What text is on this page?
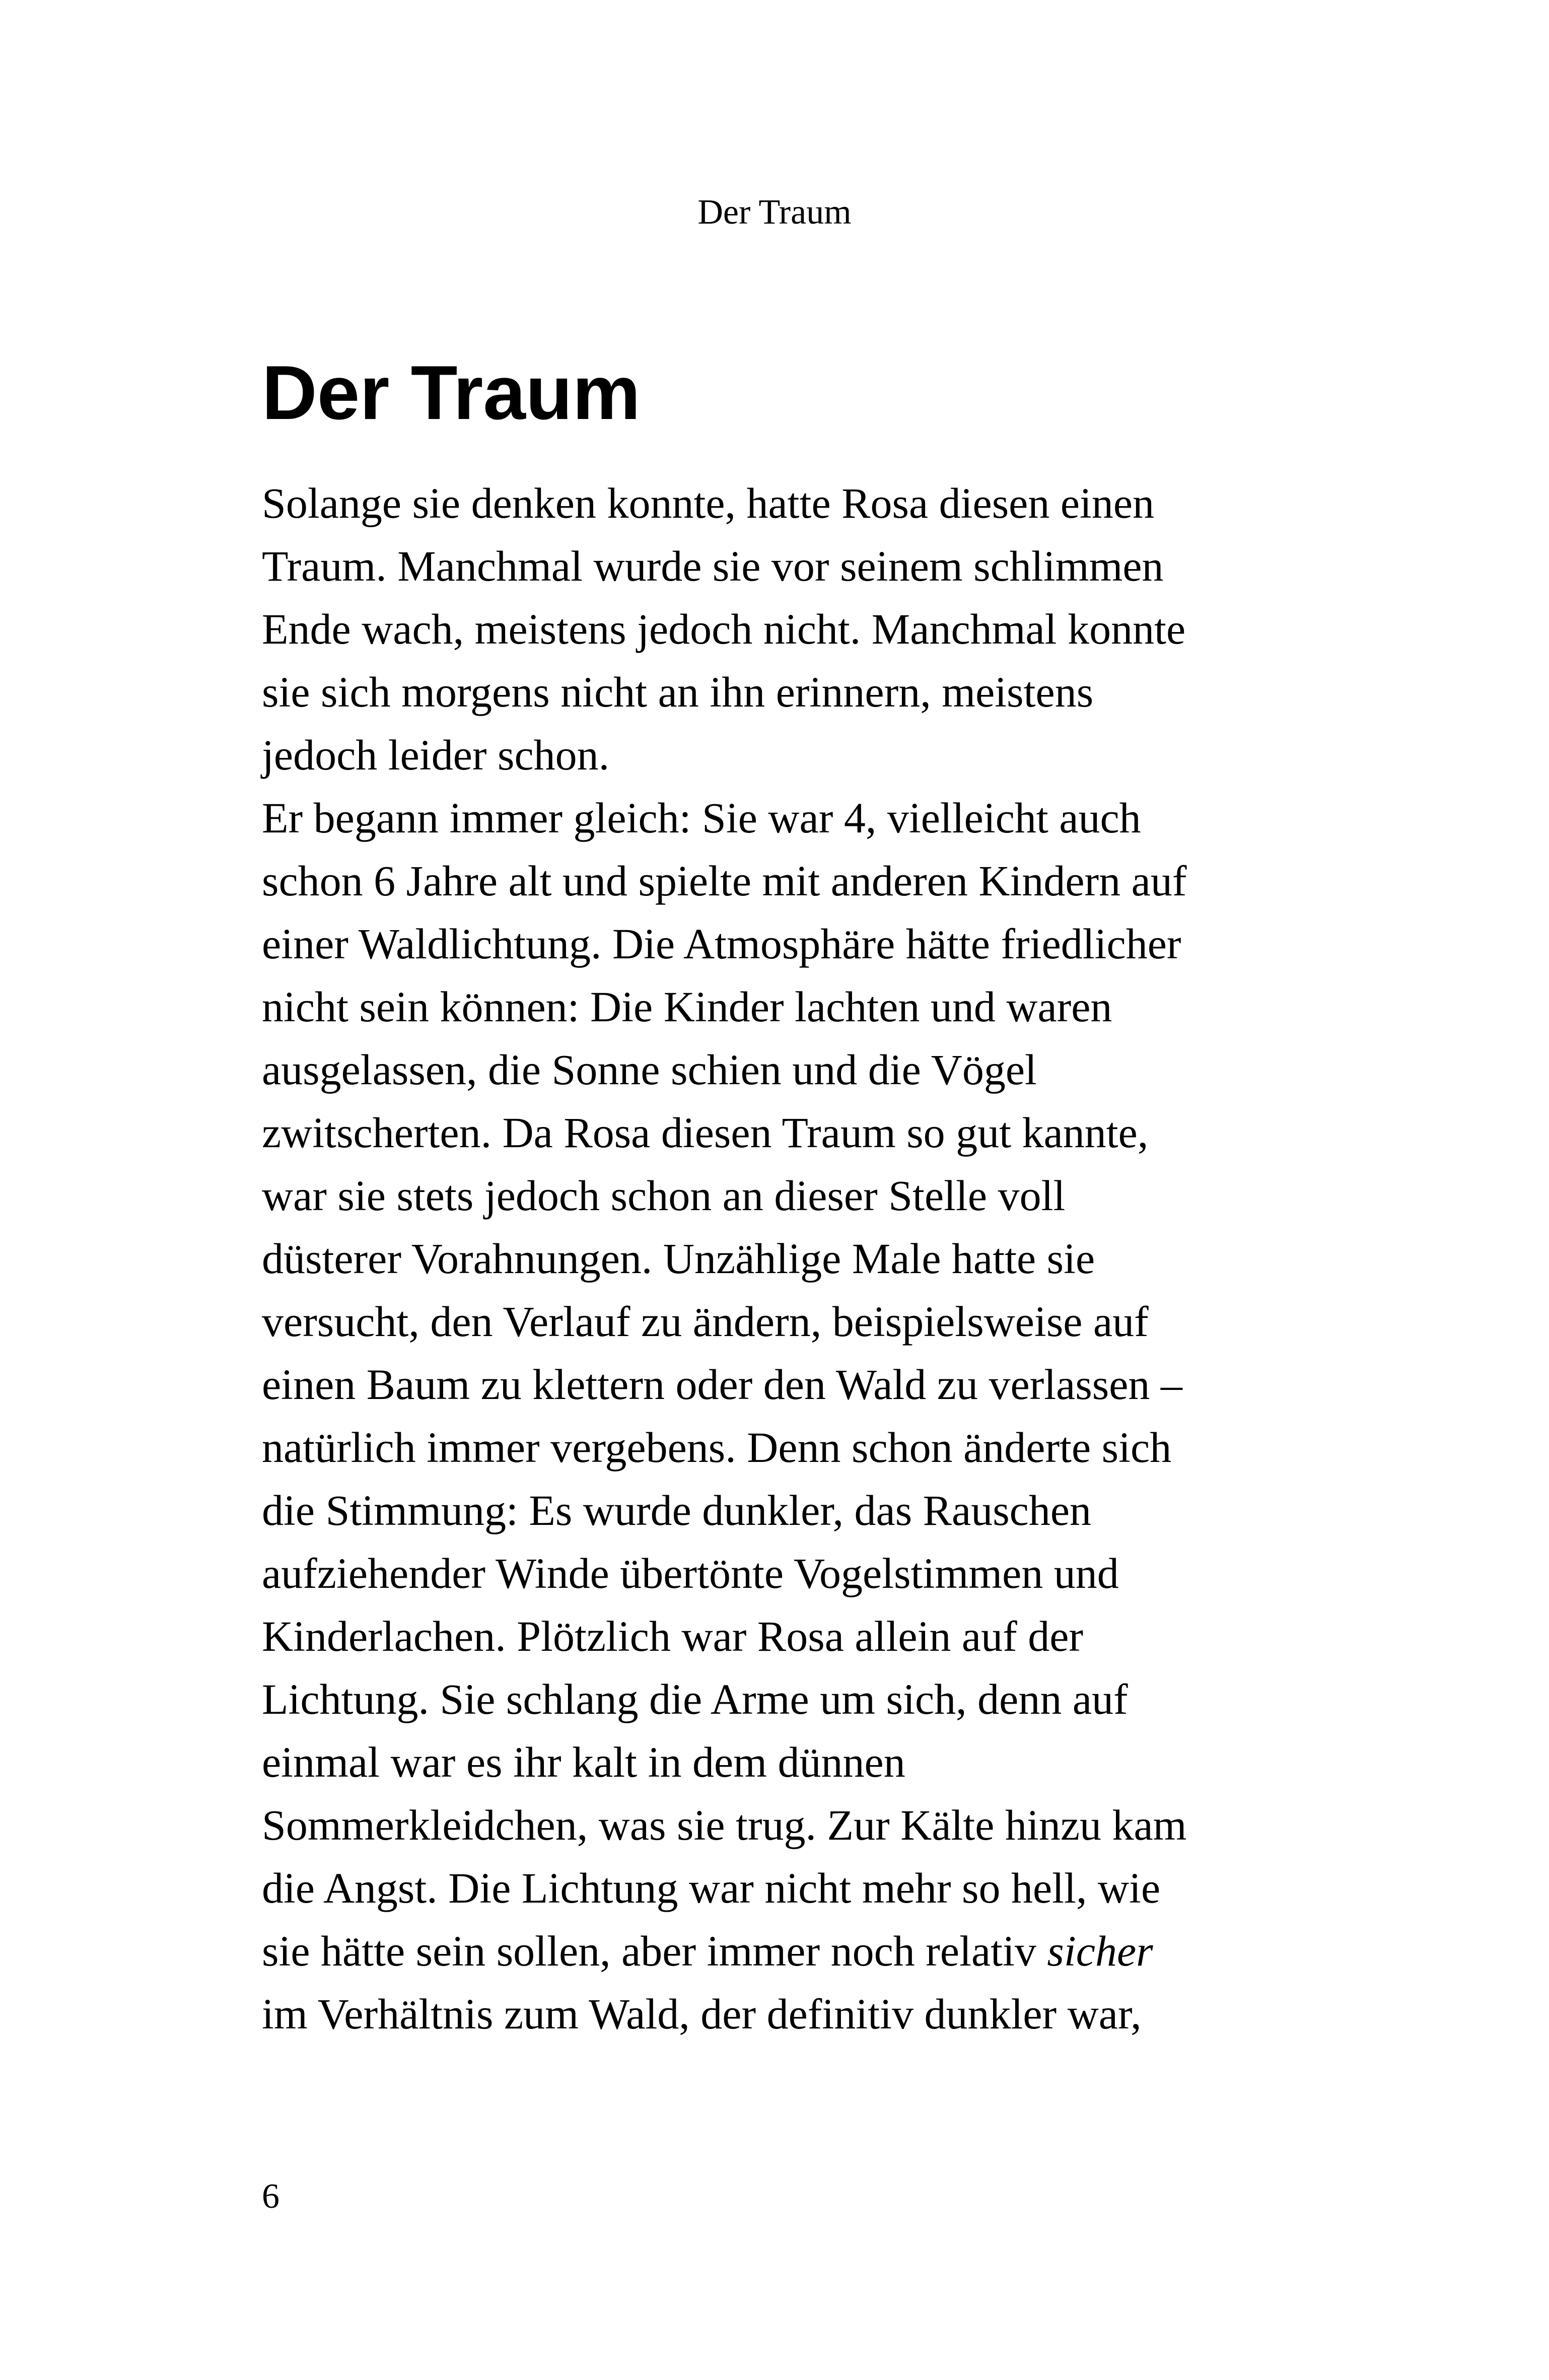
Der Traum
Der Traum
Solange sie denken konnte, hatte Rosa diesen einen
Traum. Manchmal wurde sie vor seinem schlimmen
Ende wach, meistens jedoch nicht. Manchmal konnte
sie sich morgens nicht an ihn erinnern, meistens
jedoch leider schon.
Er begann immer gleich: Sie war 4, vielleicht auch
schon 6 Jahre alt und spielte mit anderen Kindern auf
einer Waldlichtung. Die Atmosphäre hätte friedlicher
nicht sein können: Die Kinder lachten und waren
ausgelassen, die Sonne schien und die Vögel
zwitscherten. Da Rosa diesen Traum so gut kannte,
war sie stets jedoch schon an dieser Stelle voll
düsterer Vorahnungen. Unzählige Male hatte sie
versucht, den Verlauf zu ändern, beispielsweise auf
einen Baum zu klettern oder den Wald zu verlassen –
natürlich immer vergebens. Denn schon änderte sich
die Stimmung: Es wurde dunkler, das Rauschen
aufziehender Winde übertönte Vogelstimmen und
Kinderlachen. Plötzlich war Rosa allein auf der
Lichtung. Sie schlang die Arme um sich, denn auf
einmal war es ihr kalt in dem dünnen
Sommerkleidchen, was sie trug. Zur Kälte hinzu kam
die Angst. Die Lichtung war nicht mehr so hell, wie
sie hätte sein sollen, aber immer noch relativ sicher
im Verhältnis zum Wald, der definitiv dunkler war,
6
